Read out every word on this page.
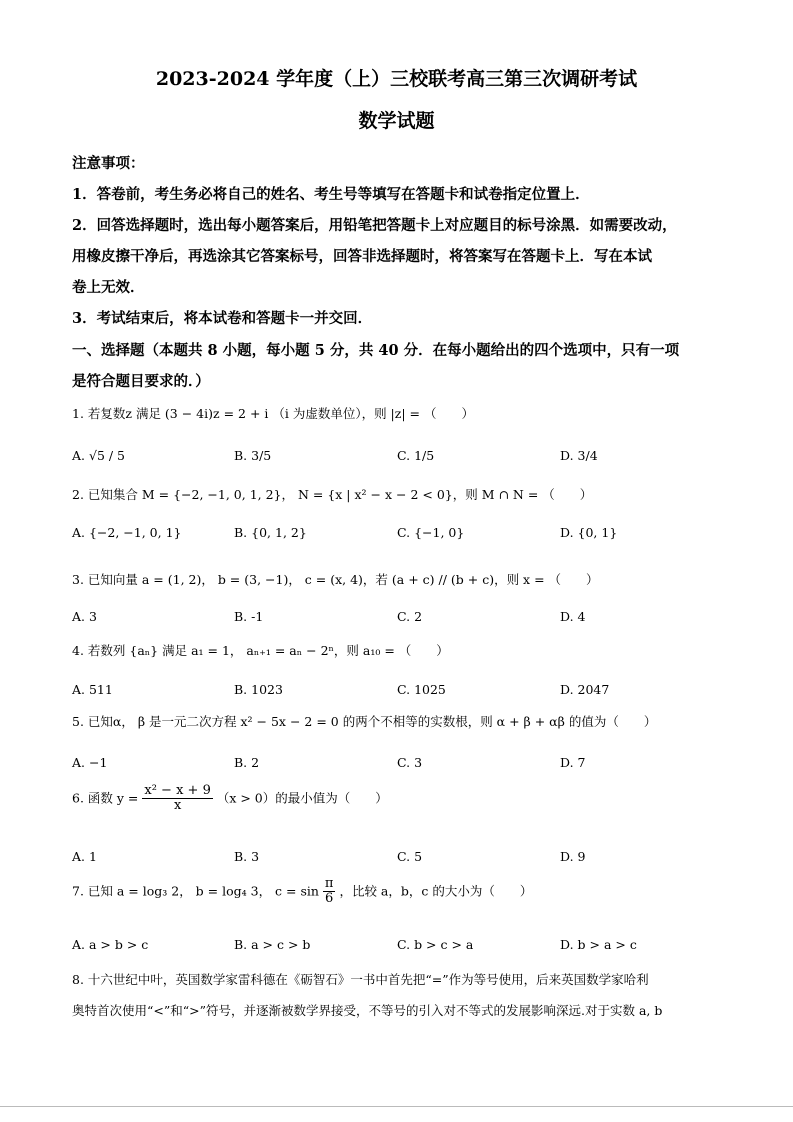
2023-2024 学年度（上）三校联考高三第三次调研考试
数学试题
注意事项：
1．答卷前，考生务必将自己的姓名、考生号等填写在答题卡和试卷指定位置上．
2．回答选择题时，选出每小题答案后，用铅笔把答题卡上对应题目的标号涂黑．如需要改动，
用橡皮擦干净后，再选涂其它答案标号，回答非选择题时，将答案写在答题卡上．写在本试
卷上无效．
3．考试结束后，将本试卷和答题卡一并交回．
一、选择题（本题共 8 小题，每小题 5 分，共 40 分．在每小题给出的四个选项中，只有一项
是符合题目要求的．）
1. 若复数z 满足 (3 − 4i)z = 2 + i （i 为虚数单位），则 |z| = （　　）
A. √5 / 5	B. 3/5	C. 1/5	D. 3/4
2. 已知集合 M = {−2, −1, 0, 1, 2}， N = {x | x² − x − 2 < 0}，则 M ∩ N = （　　）
A. {−2, −1, 0, 1}	B. {0, 1, 2}	C. {−1, 0}	D. {0, 1}
3. 已知向量 a = (1, 2)， b = (3, −1)， c = (x, 4)，若 (a + c) // (b + c)，则 x = （　　）
A. 3	B. -1	C. 2	D. 4
4. 若数列 {aₙ} 满足 a₁ = 1， aₙ₊₁ = aₙ − 2ⁿ，则 a₁₀ = （　　）
A. 511	B. 1023	C. 1025	D. 2047
5. 已知α， β 是一元二次方程 x² − 5x − 2 = 0 的两个不相等的实数根，则 α + β + αβ 的值为（　　）
A. −1	B. 2	C. 3	D. 7
6. 函数 $y = \frac{\text{x² − x + 9}}{x} (x > 0)$的最小值为（　　）
A. 1	B. 3	C. 5	D. 9
7. 已知 a = log₃ 2， b = log₄ 3， $c = \sin \frac{\pi}{6}$ ，比较 a，b，c 的大小为（　　）
A. a > b > c	B. a > c > b	C. b > c > a	D. b > a > c
8. 十六世纪中叶，英国数学家雷科德在《砺智石》一书中首先把“=”作为等号使用，后来英国数学家哈利
奥特首次使用“<”和“>”符号，并逐渐被数学界接受，不等号的引入对不等式的发展影响深远.对于实数 a, b
